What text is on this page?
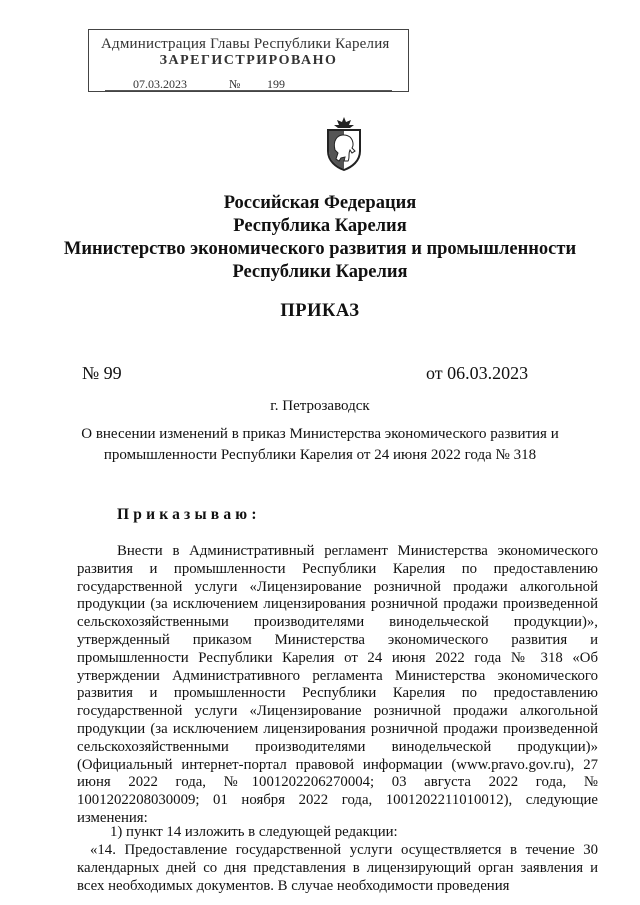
Администрация Главы Республики Карелия
ЗАРЕГИСТРИРОВАНО
07.03.2023	№ 199
Российская Федерация
Республика Карелия
Министерство экономического развития и промышленности
Республики Карелия
ПРИКАЗ
№ 99	от 06.03.2023
г. Петрозаводск
О внесении изменений в приказ Министерства экономического развития и промышленности Республики Карелия от 24 июня 2022 года № 318
Приказываю:
Внести в Административный регламент Министерства экономического развития и промышленности Республики Карелия по предоставлению государственной услуги «Лицензирование розничной продажи алкогольной продукции (за исключением лицензирования розничной продажи произведенной сельскохозяйственными производителями винодельческой продукции)», утвержденный приказом Министерства экономического развития и промышленности Республики Карелия от 24 июня 2022 года № 318 «Об утверждении Административного регламента Министерства экономического развития и промышленности Республики Карелия по предоставлению государственной услуги «Лицензирование розничной продажи алкогольной продукции (за исключением лицензирования розничной продажи произведенной сельскохозяйственными производителями винодельческой продукции)» (Официальный интернет-портал правовой информации (www.pravo.gov.ru), 27 июня 2022 года, №1001202206270004; 03 августа 2022 года, № 1001202208030009; 01 ноября 2022 года, 1001202211010012), следующие изменения:
1) пункт 14 изложить в следующей редакции:
«14. Предоставление государственной услуги осуществляется в течение 30 календарных дней со дня представления в лицензирующий орган заявления и всех необходимых документов. В случае необходимости проведения
